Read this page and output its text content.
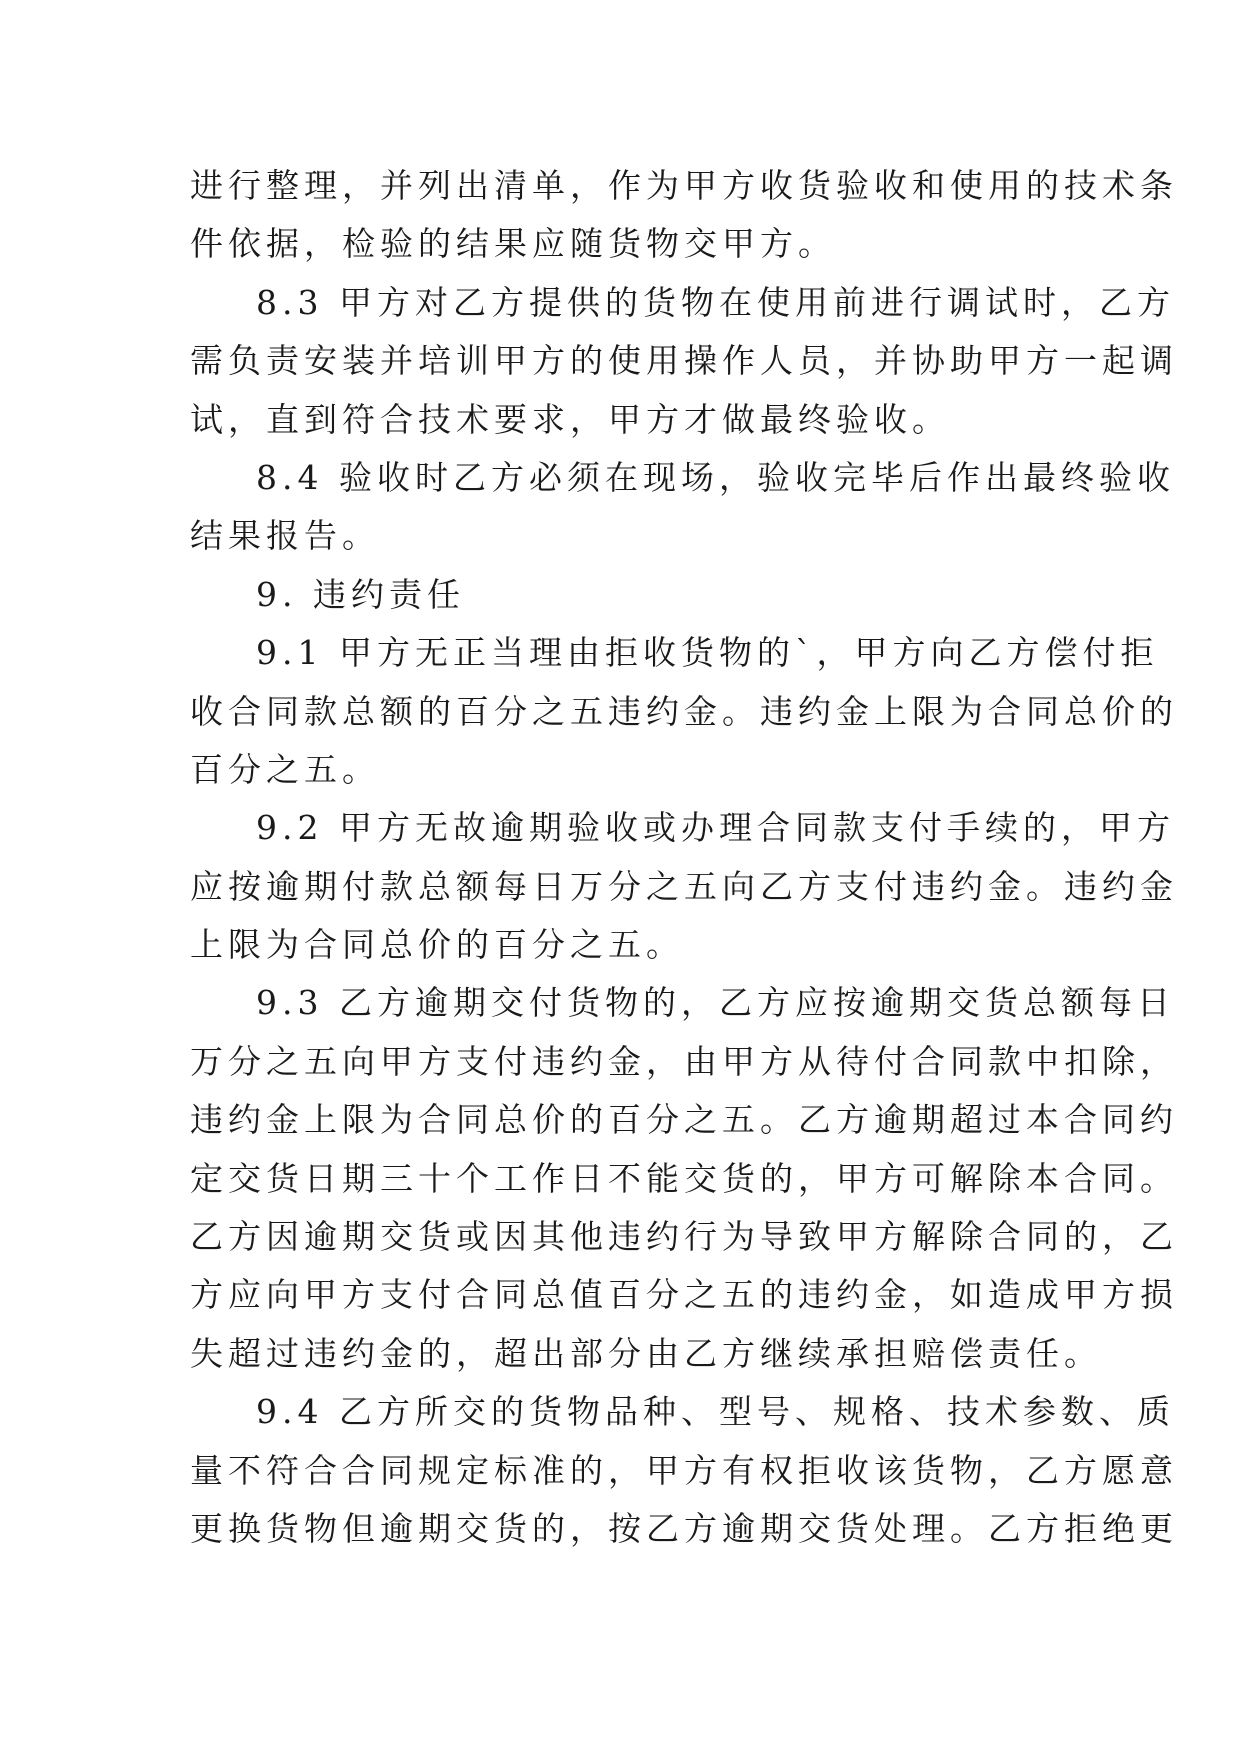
进行整理，并列出清单，作为甲方收货验收和使用的技术条
件依据，检验的结果应随货物交甲方。
8.3 甲方对乙方提供的货物在使用前进行调试时，乙方
需负责安装并培训甲方的使用操作人员，并协助甲方一起调
试，直到符合技术要求，甲方才做最终验收。
8.4 验收时乙方必须在现场，验收完毕后作出最终验收
结果报告。
9. 违约责任
9.1 甲方无正当理由拒收货物的`，甲方向乙方偿付拒
收合同款总额的百分之五违约金。违约金上限为合同总价的
百分之五。
9.2 甲方无故逾期验收或办理合同款支付手续的，甲方
应按逾期付款总额每日万分之五向乙方支付违约金。违约金
上限为合同总价的百分之五。
9.3 乙方逾期交付货物的，乙方应按逾期交货总额每日
万分之五向甲方支付违约金，由甲方从待付合同款中扣除，
违约金上限为合同总价的百分之五。乙方逾期超过本合同约
定交货日期三十个工作日不能交货的，甲方可解除本合同。
乙方因逾期交货或因其他违约行为导致甲方解除合同的，乙
方应向甲方支付合同总值百分之五的违约金，如造成甲方损
失超过违约金的，超出部分由乙方继续承担赔偿责任。
9.4 乙方所交的货物品种、型号、规格、技术参数、质
量不符合合同规定标准的，甲方有权拒收该货物，乙方愿意
更换货物但逾期交货的，按乙方逾期交货处理。乙方拒绝更
